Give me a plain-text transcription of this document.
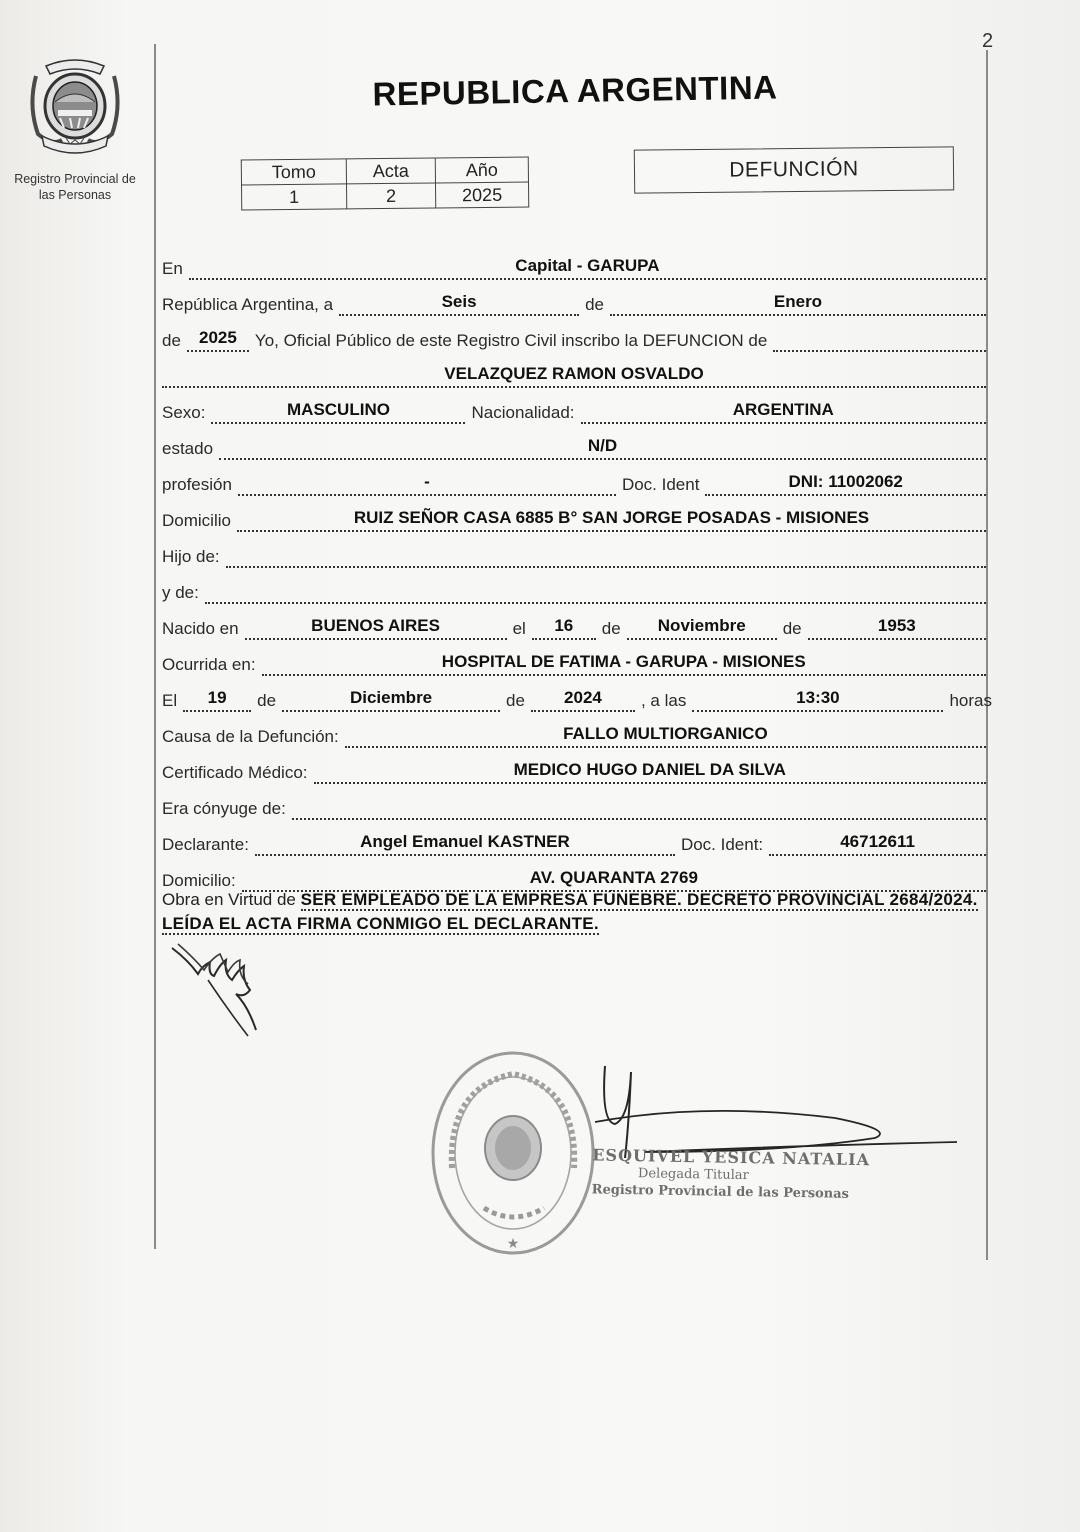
2
Registro Provincial de
las Personas
REPUBLICA ARGENTINA
Tomo	Acta	Año
1	2	2025
DEFUNCIÓN
En	Capital - GARUPA
República Argentina, a	Seis	de	Enero
de	2025	Yo, Oficial Público de este Registro Civil inscribo la DEFUNCION de
VELAZQUEZ RAMON OSVALDO
Sexo:	MASCULINO	Nacionalidad:	ARGENTINA
estado	N/D
profesión	-	Doc. Ident	DNI: 11002062
Domicilio	RUIZ SEÑOR CASA 6885 B° SAN JORGE POSADAS - MISIONES
Hijo de:
y de:
Nacido en	BUENOS AIRES	el	16	de	Noviembre	de	1953
Ocurrida en:	HOSPITAL DE FATIMA - GARUPA - MISIONES
El	19	de	Diciembre	de	2024	, a las	13:30	horas
Causa de la Defunción:	FALLO MULTIORGANICO
Certificado Médico:	MEDICO HUGO DANIEL DA SILVA
Era cónyuge de:
Declarante:	Angel Emanuel KASTNER	Doc. Ident:	46712611
Domicilio:	AV. QUARANTA 2769
Obra en Virtud de SER EMPLEADO DE LA EMPRESA FÚNEBRE. DECRETO PROVINCIAL 2684/2024. LEÍDA EL ACTA FIRMA CONMIGO EL DECLARANTE.
★
ESQUIVEL YESICA NATALIA
Delegada Titular
Registro Provincial de las Personas
